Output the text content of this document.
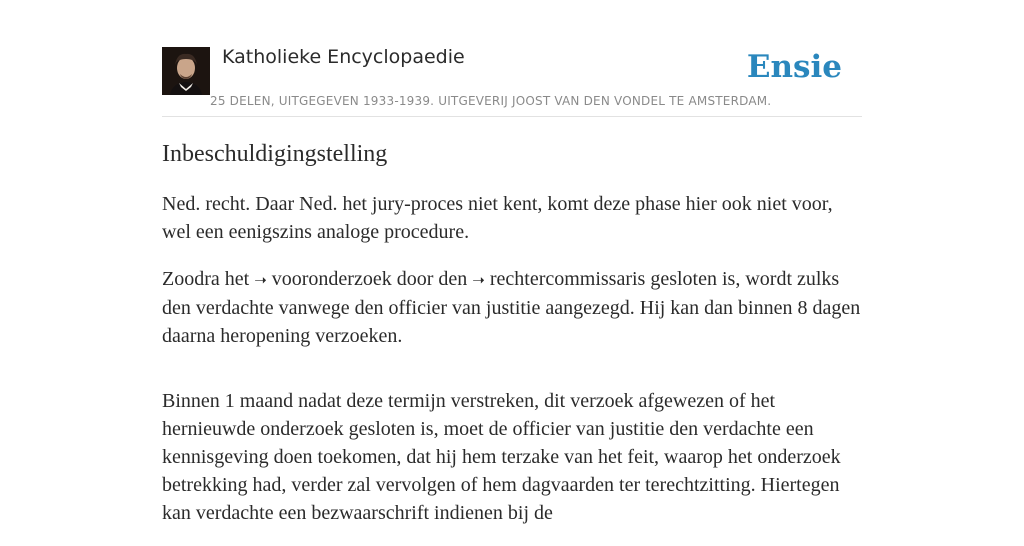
Katholieke Encyclopaedie
25 DELEN, UITGEGEVEN 1933-1939. UITGEVERIJ JOOST VAN DEN VONDEL TE AMSTERDAM.
Ensie
Inbeschuldigingstelling

Ned. recht. Daar Ned. het jury-proces niet kent, komt deze phase hier ook niet voor, wel een eenigszins analoge procedure.

Zoodra het ➝ vooronderzoek door den ➝ rechtercommissaris gesloten is, wordt zulks den verdachte vanwege den officier van justitie aangezegd. Hij kan dan binnen 8 dagen daarna heropening verzoeken.

Binnen 1 maand nadat deze termijn verstreken, dit verzoek afgewezen of het hernieuwde onderzoek gesloten is, moet de officier van justitie den verdachte een kennisgeving doen toekomen, dat hij hem terzake van het feit, waarop het onderzoek betrekking had, verder zal vervolgen of hem dagvaarden ter terechtzitting. Hiertegen kan verdachte een bezwaarschrift indienen bij de
